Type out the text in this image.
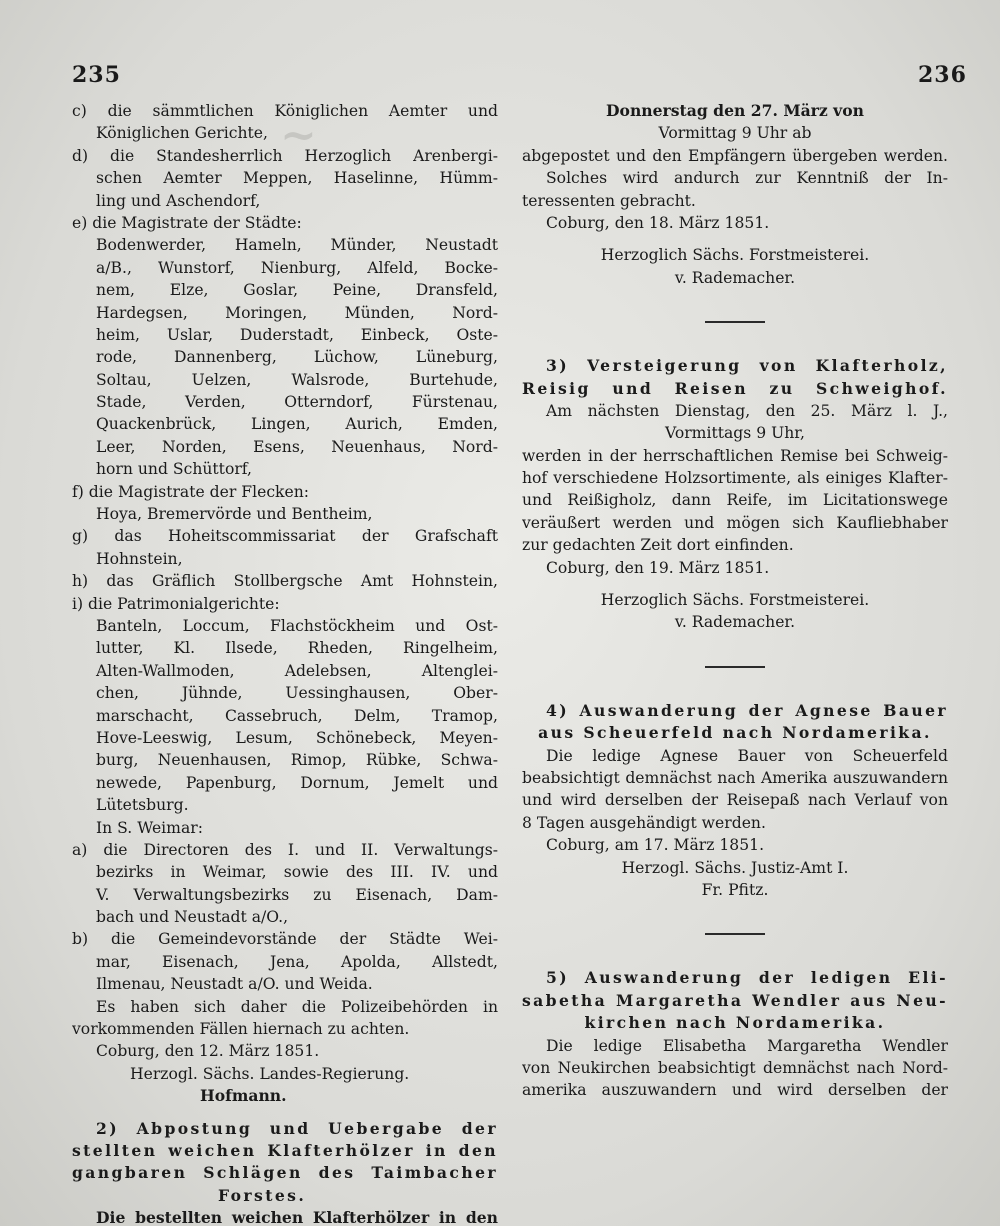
~
235	236
c) die sämmtlichen Königlichen Aemter und
Königlichen Gerichte,
d) die Standesherrlich Herzoglich Arenbergi-
schen Aemter Meppen, Haselinne, Hümm-
ling und Aschendorf,
e) die Magistrate der Städte:
Bodenwerder, Hameln, Münder, Neustadt
a/B., Wunstorf, Nienburg, Alfeld, Bocke-
nem, Elze, Goslar, Peine, Dransfeld,
Hardegsen, Moringen, Münden, Nord-
heim, Uslar, Duderstadt, Einbeck, Oste-
rode, Dannenberg, Lüchow, Lüneburg,
Soltau, Uelzen, Walsrode, Burtehude,
Stade, Verden, Otterndorf, Fürstenau,
Quackenbrück, Lingen, Aurich, Emden,
Leer, Norden, Esens, Neuenhaus, Nord-
horn und Schüttorf,
f) die Magistrate der Flecken:
Hoya, Bremervörde und Bentheim,
g) das Hoheitscommissariat der Grafschaft
Hohnstein,
h) das Gräflich Stollbergsche Amt Hohnstein,
i) die Patrimonialgerichte:
Banteln, Loccum, Flachstöckheim und Ost-
lutter, Kl. Ilsede, Rheden, Ringelheim,
Alten-Wallmoden, Adelebsen, Altenglei-
chen, Jühnde, Uessinghausen, Ober-
marschacht, Cassebruch, Delm, Tramop,
Hove-Leeswig, Lesum, Schönebeck, Meyen-
burg, Neuenhausen, Rimop, Rübke, Schwa-
newede, Papenburg, Dornum, Jemelt und
Lütetsburg.
In S. Weimar:
a) die Directoren des I. und II. Verwaltungs-
bezirks in Weimar, sowie des III. IV. und
V. Verwaltungsbezirks zu Eisenach, Dam-
bach und Neustadt a/O.,
b) die Gemeindevorstände der Städte Wei-
mar, Eisenach, Jena, Apolda, Allstedt,
Ilmenau, Neustadt a/O. und Weida.
Es haben sich daher die Polizeibehörden in
vorkommenden Fällen hiernach zu achten.
Coburg, den 12. März 1851.
Herzogl. Sächs. Landes-Regierung.
Hofmann.
2) Abpostung und Uebergabe der
stellten weichen Klafterhölzer in den
gangbaren Schlägen des Taimbacher
Forstes.
Die bestellten weichen Klafterhölzer in den
Donnerstag den 27. März von
Vormittag 9 Uhr ab
abgepostet und den Empfängern übergeben werden.
Solches wird andurch zur Kenntniß der In-
teressenten gebracht.
Coburg, den 18. März 1851.
Herzoglich Sächs. Forstmeisterei.
v. Rademacher.
3) Versteigerung von Klafterholz,
Reisig und Reisen zu Schweighof.
Am nächsten Dienstag, den 25. März l. J.,
Vormittags 9 Uhr,
werden in der herrschaftlichen Remise bei Schweig-
hof verschiedene Holzsortimente, als einiges Klafter-
und Reißigholz, dann Reife, im Licitationswege
veräußert werden und mögen sich Kaufliebhaber
zur gedachten Zeit dort einfinden.
Coburg, den 19. März 1851.
Herzoglich Sächs. Forstmeisterei.
v. Rademacher.
4) Auswanderung der Agnese Bauer
aus Scheuerfeld nach Nordamerika.
Die ledige Agnese Bauer von Scheuerfeld
beabsichtigt demnächst nach Amerika auszuwandern
und wird derselben der Reisepaß nach Verlauf von
8 Tagen ausgehändigt werden.
Coburg, am 17. März 1851.
Herzogl. Sächs. Justiz-Amt I.
Fr. Pfitz.
5) Auswanderung der ledigen Eli-
sabetha Margaretha Wendler aus Neu-
kirchen nach Nordamerika.
Die ledige Elisabetha Margaretha Wendler
von Neukirchen beabsichtigt demnächst nach Nord-
amerika auszuwandern und wird derselben der
